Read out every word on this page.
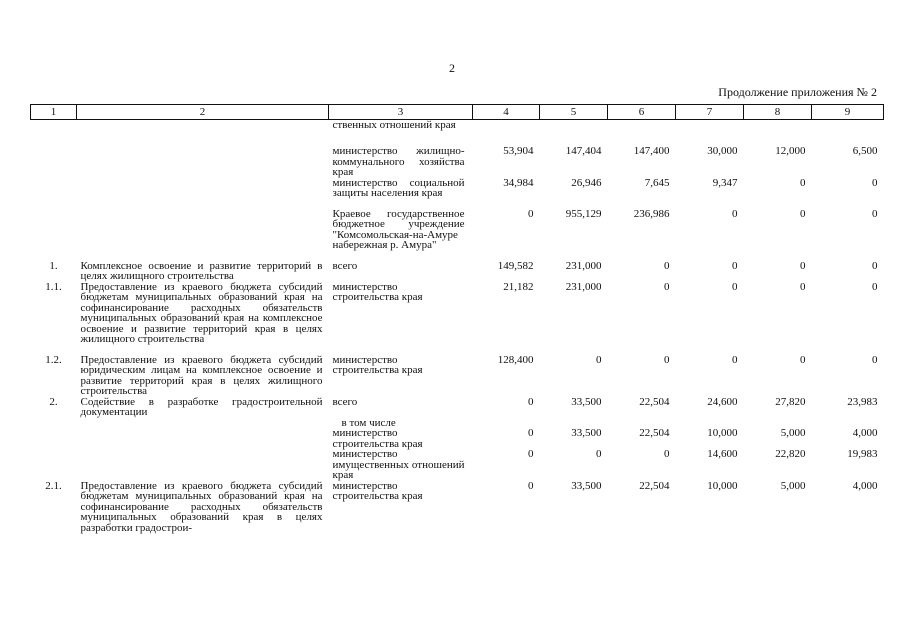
2
Продолжение приложения № 2
1	2	3	4	5	6	7	8	9
		ственных отношений края						
		министерство жилищно-коммунального хозяйства края	53,904	147,404	147,400	30,000	12,000	6,500
		министерство социальной защиты населения края	34,984	26,946	7,645	9,347	0	0
		Краевое государственное бюджетное учреждение "Комсомольская-на-Амуре набережная р. Амура"	0	955,129	236,986	0	0	0
1.	Комплексное освоение и развитие территорий в целях жилищного строительства	всего	149,582	231,000	0	0	0	0
1.1.	Предоставление из краевого бюджета субсидий бюджетам муниципальных образований края на софинансирование расходных обязательств муниципальных образований края на комплексное освоение и развитие территорий края в целях жилищного строительства	министерство строительства края	21,182	231,000	0	0	0	0
1.2.	Предоставление из краевого бюджета субсидий юридическим лицам на комплексное освоение и развитие территорий края в целях жилищного строительства	министерство строительства края	128,400	0	0	0	0	0
2.	Содействие в разработке градостроительной документации	всего	0	33,500	22,504	24,600	27,820	23,983

		в том числе						

		министерство строительства края	0	33,500	22,504	10,000	5,000	4,000
		министерство имущественных отношений края	0	0	0	14,600	22,820	19,983
2.1.	Предоставление из краевого бюджета субсидий бюджетам муниципальных образований края на софинансирование расходных обязательств муниципальных образований края в целях разработки градострои-	министерство строительства края	0	33,500	22,504	10,000	5,000	4,000
